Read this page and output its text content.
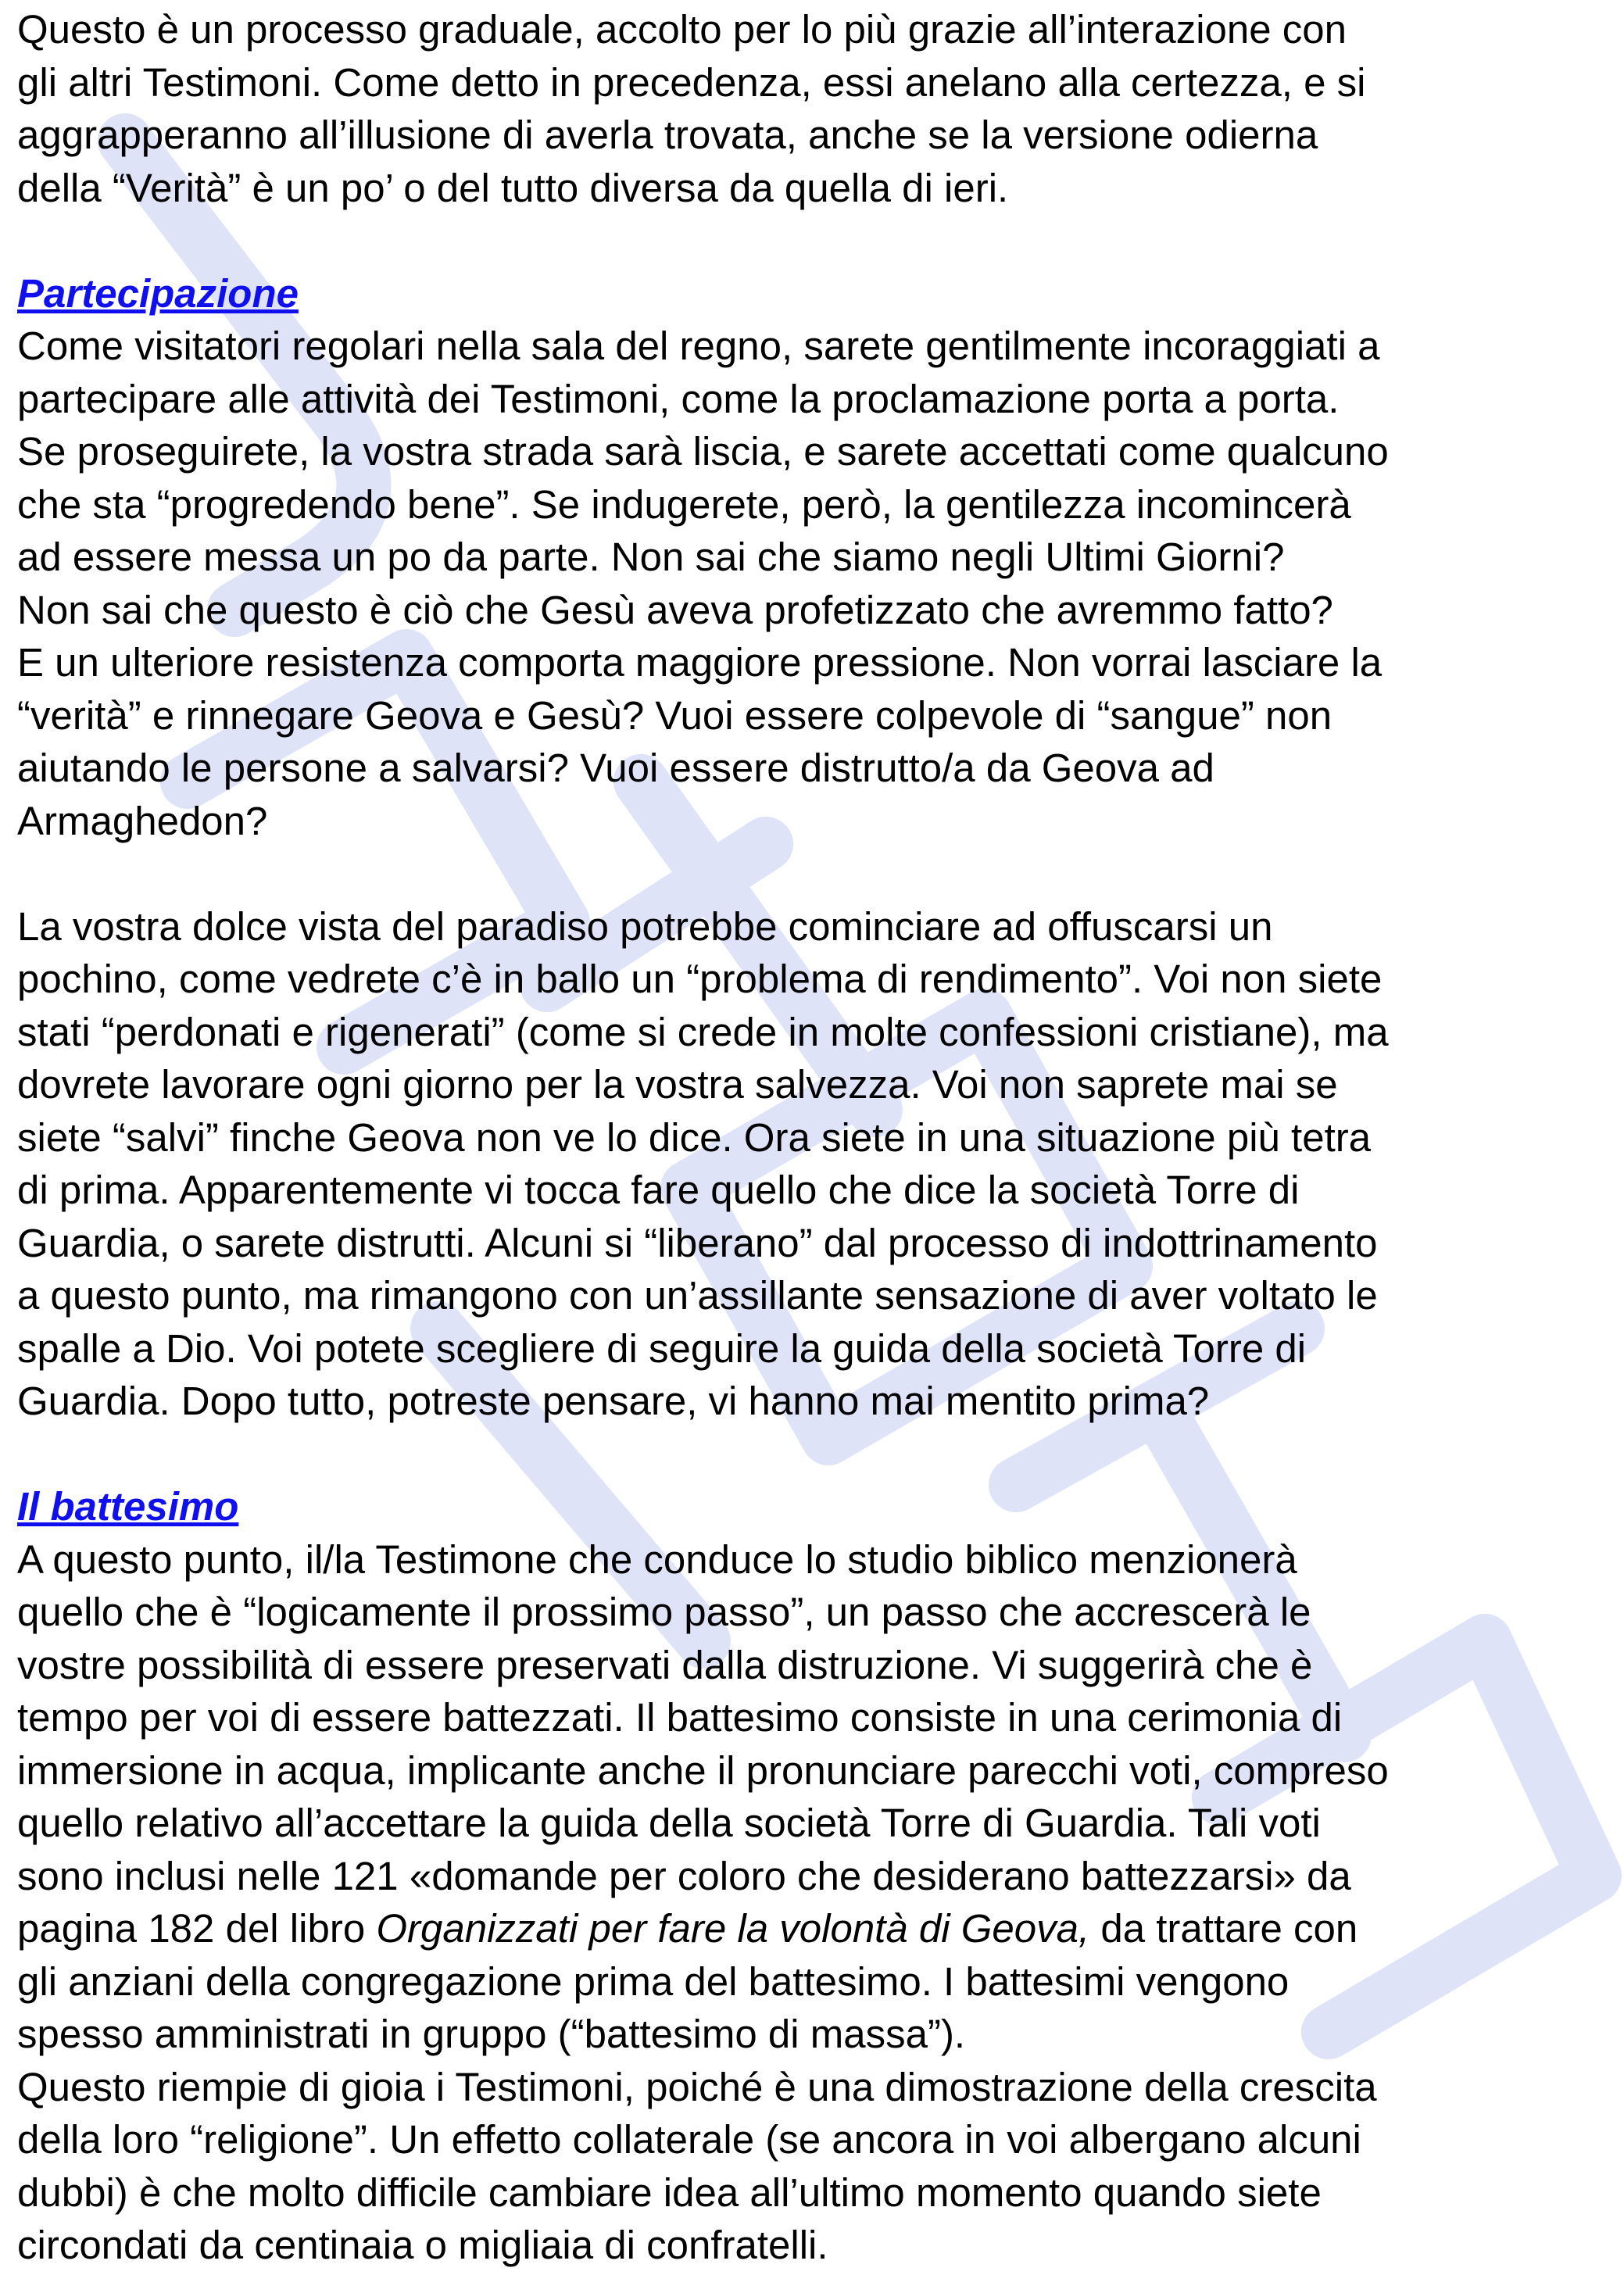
Questo è un processo graduale, accolto per lo più grazie all’interazione con
gli altri Testimoni. Come detto in precedenza, essi anelano alla certezza, e si
aggrapperanno all’illusione di averla trovata, anche se la versione odierna
della “Verità” è un po’ o del tutto diversa da quella di ieri.
Partecipazione
Come visitatori regolari nella sala del regno, sarete gentilmente incoraggiati a
partecipare alle attività dei Testimoni, come la proclamazione porta a porta.
Se proseguirete, la vostra strada sarà liscia, e sarete accettati come qualcuno
che sta “progredendo bene”. Se indugerete, però, la gentilezza incomincerà
ad essere messa un po da parte. Non sai che siamo negli Ultimi Giorni?
Non sai che questo è ciò che Gesù aveva profetizzato che avremmo fatto?
E un ulteriore resistenza comporta maggiore pressione. Non vorrai lasciare la
“verità” e rinnegare Geova e Gesù? Vuoi essere colpevole di “sangue” non
aiutando le persone a salvarsi? Vuoi essere distrutto/a da Geova ad
Armaghedon?
La vostra dolce vista del paradiso potrebbe cominciare ad offuscarsi un
pochino, come vedrete c’è in ballo un “problema di rendimento”. Voi non siete
stati “perdonati e rigenerati” (come si crede in molte confessioni cristiane), ma
dovrete lavorare ogni giorno per la vostra salvezza. Voi non saprete mai se
siete “salvi” finche Geova non ve lo dice. Ora siete in una situazione più tetra
di prima. Apparentemente vi tocca fare quello che dice la società Torre di
Guardia, o sarete distrutti. Alcuni si “liberano” dal processo di indottrinamento
a questo punto, ma rimangono con un’assillante sensazione di aver voltato le
spalle a Dio. Voi potete scegliere di seguire la guida della società Torre di
Guardia. Dopo tutto, potreste pensare, vi hanno mai mentito prima?
Il battesimo
A questo punto, il/la Testimone che conduce lo studio biblico menzionerà
quello che è “logicamente il prossimo passo”, un passo che accrescerà le
vostre possibilità di essere preservati dalla distruzione. Vi suggerirà che è
tempo per voi di essere battezzati. Il battesimo consiste in una cerimonia di
immersione in acqua, implicante anche il pronunciare parecchi voti, compreso
quello relativo all’accettare la guida della società Torre di Guardia. Tali voti
sono inclusi nelle 121 «domande per coloro che desiderano battezzarsi» da
pagina 182 del libro Organizzati per fare la volontà di Geova, da trattare con
gli anziani della congregazione prima del battesimo. I battesimi vengono
spesso amministrati in gruppo (“battesimo di massa”).
Questo riempie di gioia i Testimoni, poiché è una dimostrazione della crescita
della loro “religione”. Un effetto collaterale (se ancora in voi albergano alcuni
dubbi) è che molto difficile cambiare idea all’ultimo momento quando siete
circondati da centinaia o migliaia di confratelli.
